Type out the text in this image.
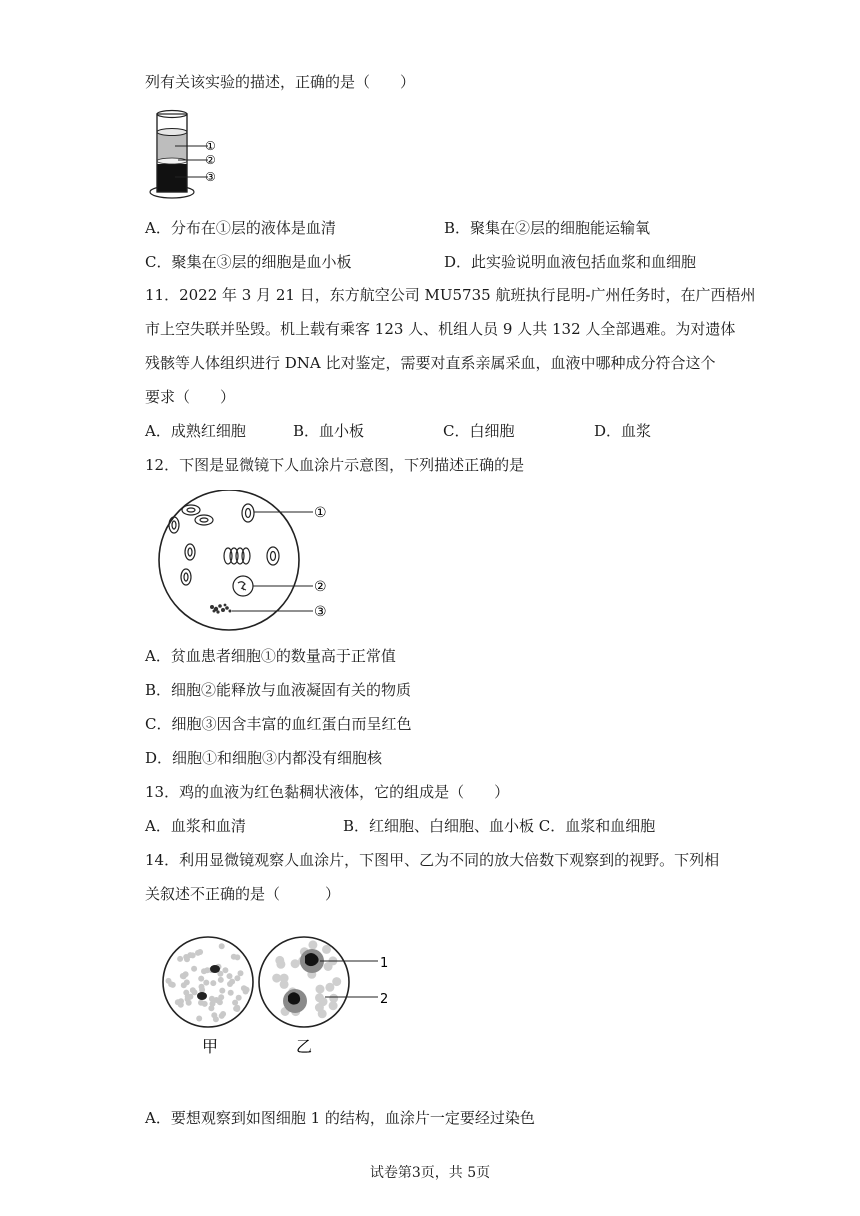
列有关该实验的描述，正确的是（　　）
①
②
③
A．分布在①层的液体是血清	B．聚集在②层的细胞能运输氧
C．聚集在③层的细胞是血小板	D．此实验说明血液包括血浆和血细胞
11．2022 年 3 月 21 日，东方航空公司 MU5735 航班执行昆明-广州任务时，在广西梧州
市上空失联并坠毁。机上载有乘客 123 人、机组人员 9 人共 132 人全部遇难。为对遗体
残骸等人体组织进行 DNA 比对鉴定，需要对直系亲属采血，血液中哪种成分符合这个
要求（　　）
A．成熟红细胞	B．血小板	C．白细胞	D．血浆
12．下图是显微镜下人血涂片示意图，下列描述正确的是
①
②
③
A．贫血患者细胞①的数量高于正常值
B．细胞②能释放与血液凝固有关的物质
C．细胞③因含丰富的血红蛋白而呈红色
D．细胞①和细胞③内都没有细胞核
13．鸡的血液为红色黏稠状液体，它的组成是（　　）
A．血浆和血清	B．红细胞、白细胞、血小板 C．血浆和血细胞
14．利用显微镜观察人血涂片，下图甲、乙为不同的放大倍数下观察到的视野。下列相
关叙述不正确的是（　　　）
1
2
甲	乙
A．要想观察到如图细胞 1 的结构，血涂片一定要经过染色
试卷第3页，共 5页
